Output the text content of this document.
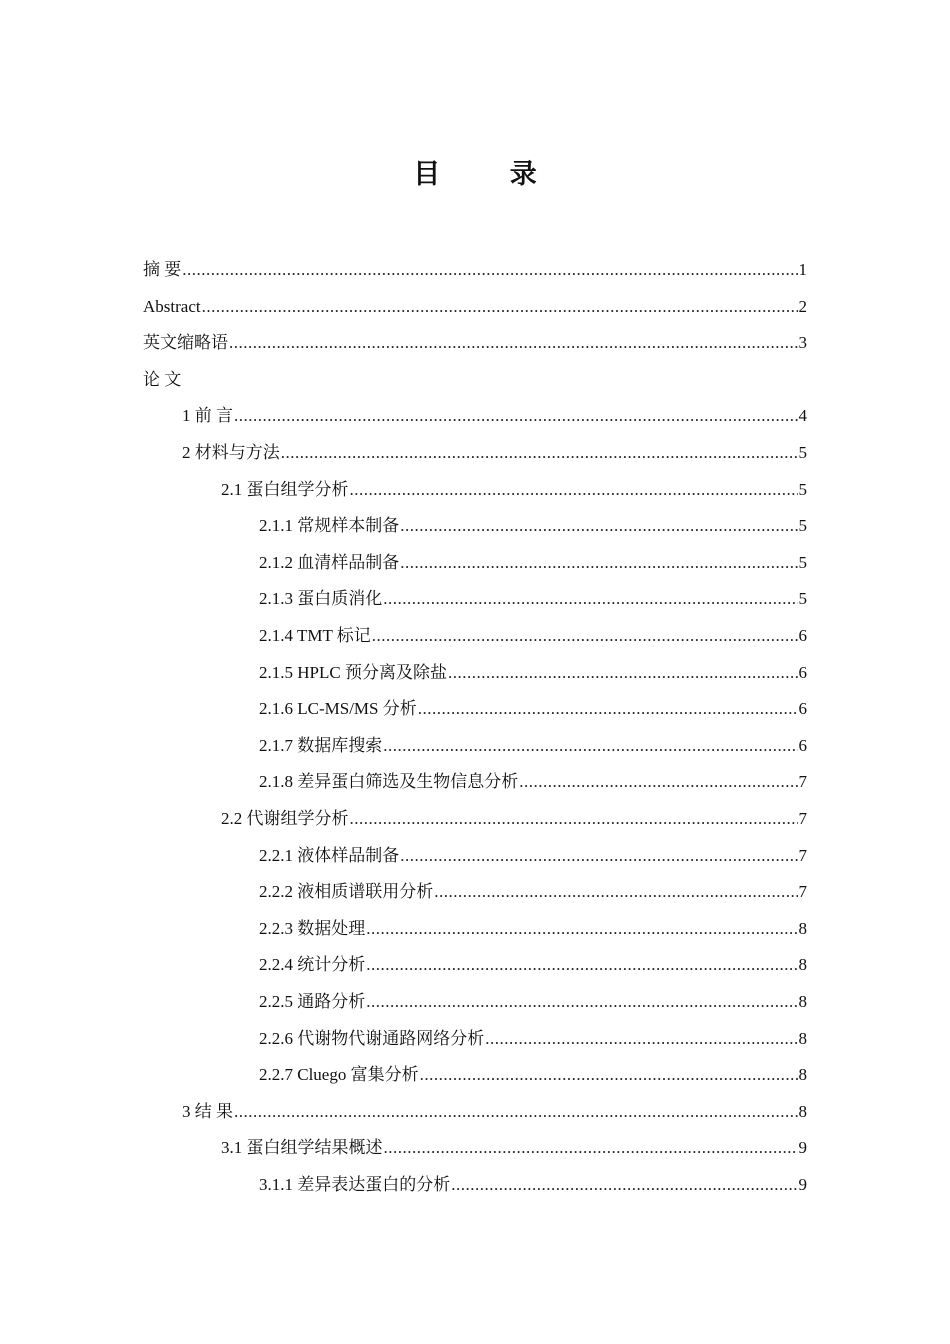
目 录
摘 要 .....	1
Abstract .....	2
英文缩略语 .....	3
论 文
1 前 言 .....	4
2 材料与方法 .....	5
2.1 蛋白组学分析 .....	5
2.1.1 常规样本制备 .....	5
2.1.2 血清样品制备 .....	5
2.1.3 蛋白质消化 .....	5
2.1.4 TMT 标记 .....	6
2.1.5 HPLC 预分离及除盐 .....	6
2.1.6 LC-MS/MS 分析 .....	6
2.1.7 数据库搜索 .....	6
2.1.8 差异蛋白筛选及生物信息分析 .....	7
2.2 代谢组学分析 .....	7
2.2.1 液体样品制备 .....	7
2.2.2 液相质谱联用分析 .....	7
2.2.3 数据处理 .....	8
2.2.4 统计分析 .....	8
2.2.5 通路分析 .....	8
2.2.6 代谢物代谢通路网络分析 .....	8
2.2.7 Cluego 富集分析 .....	8
3 结 果 .....	8
3.1 蛋白组学结果概述 .....	9
3.1.1 差异表达蛋白的分析 .....	9
